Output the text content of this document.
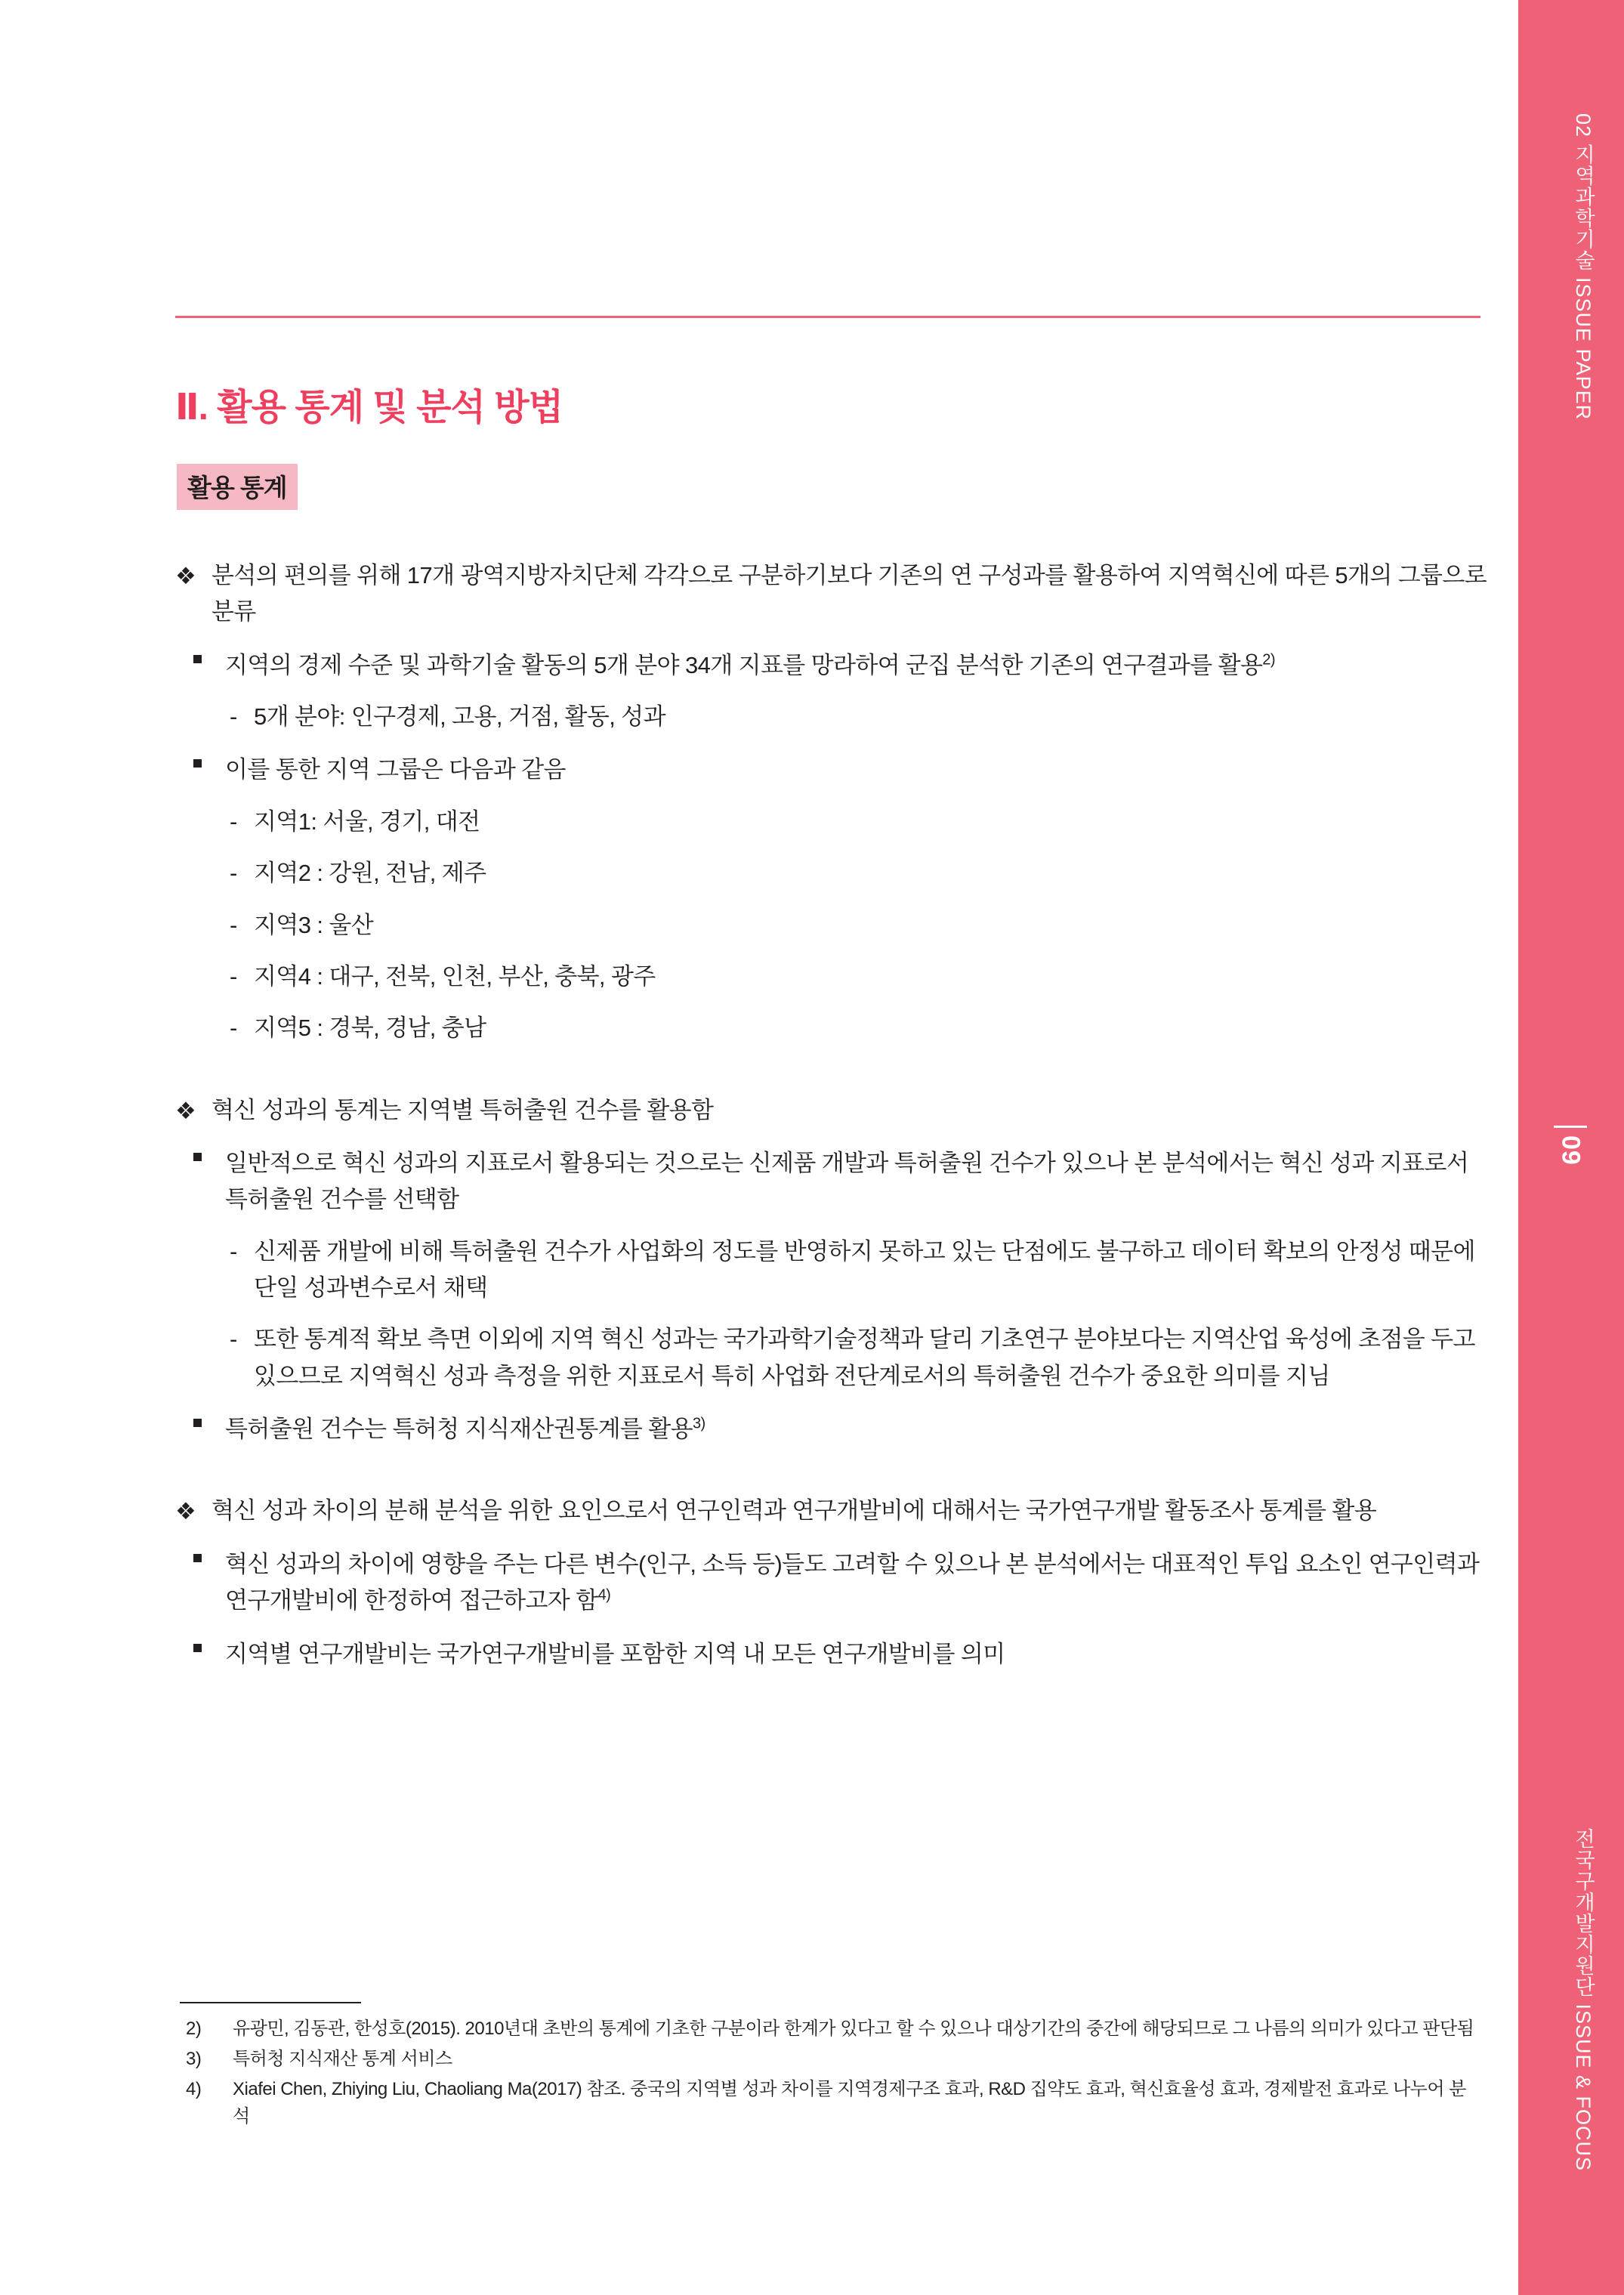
02 지역과학기술 ISSUE PAPER
전국구개발지원단 ISSUE & FOCUS
09
Ⅱ. 활용 통계 및 분석 방법
활용 통계
❖ 분석의 편의를 위해 17개 광역지방자치단체 각각으로 구분하기보다 기존의 연 구성과를 활용하여 지역혁신에 따른 5개의 그룹으로 분류
지역의 경제 수준 및 과학기술 활동의 5개 분야 34개 지표를 망라하여 군집 분석한 기존의 연구결과를 활용$^{2)}$
- 5개 분야: 인구경제, 고용, 거점, 활동, 성과
이를 통한 지역 그룹은 다음과 같음
- 지역1: 서울, 경기, 대전
- 지역2 : 강원, 전남, 제주
- 지역3 : 울산
- 지역4 : 대구, 전북, 인천, 부산, 충북, 광주
- 지역5 : 경북, 경남, 충남
❖ 혁신 성과의 통계는 지역별 특허출원 건수를 활용함
일반적으로 혁신 성과의 지표로서 활용되는 것으로는 신제품 개발과 특허출원 건수가 있으나 본 분석에서는 혁신 성과 지표로서 특허출원 건수를 선택함
- 신제품 개발에 비해 특허출원 건수가 사업화의 정도를 반영하지 못하고 있는 단점에도 불구하고 데이터 확보의 안정성 때문에 단일 성과변수로서 채택
- 또한 통계적 확보 측면 이외에 지역 혁신 성과는 국가과학기술정책과 달리 기초연구 분야보다는 지역산업 육성에 초점을 두고 있으므로 지역혁신 성과 측정을 위한 지표로서 특히 사업화 전단계로서의 특허출원 건수가 중요한 의미를 지님
특허출원 건수는 특허청 지식재산권통계를 활용$^{3)}$
❖ 혁신 성과 차이의 분해 분석을 위한 요인으로서 연구인력과 연구개발비에 대해서는 국가연구개발 활동조사 통계를 활용
혁신 성과의 차이에 영향을 주는 다른 변수(인구, 소득 등)들도 고려할 수 있으나 본 분석에서는 대표적인 투입 요소인 연구인력과 연구개발비에 한정하여 접근하고자 함$^{4)}$
지역별 연구개발비는 국가연구개발비를 포함한 지역 내 모든 연구개발비를 의미
2) 유광민, 김동관, 한성호(2015). 2010년대 초반의 통계에 기초한 구분이라 한계가 있다고 할 수 있으나 대상기간의 중간에 해당되므로 그 나름의 의미가 있다고 판단됨
3) 특허청 지식재산 통계 서비스
4) Xiafei Chen, Zhiying Liu, Chaoliang Ma(2017) 참조. 중국의 지역별 성과 차이를 지역경제구조 효과, R&D 집약도 효과, 혁신효율성 효과, 경제발전 효과로 나누어 분석
